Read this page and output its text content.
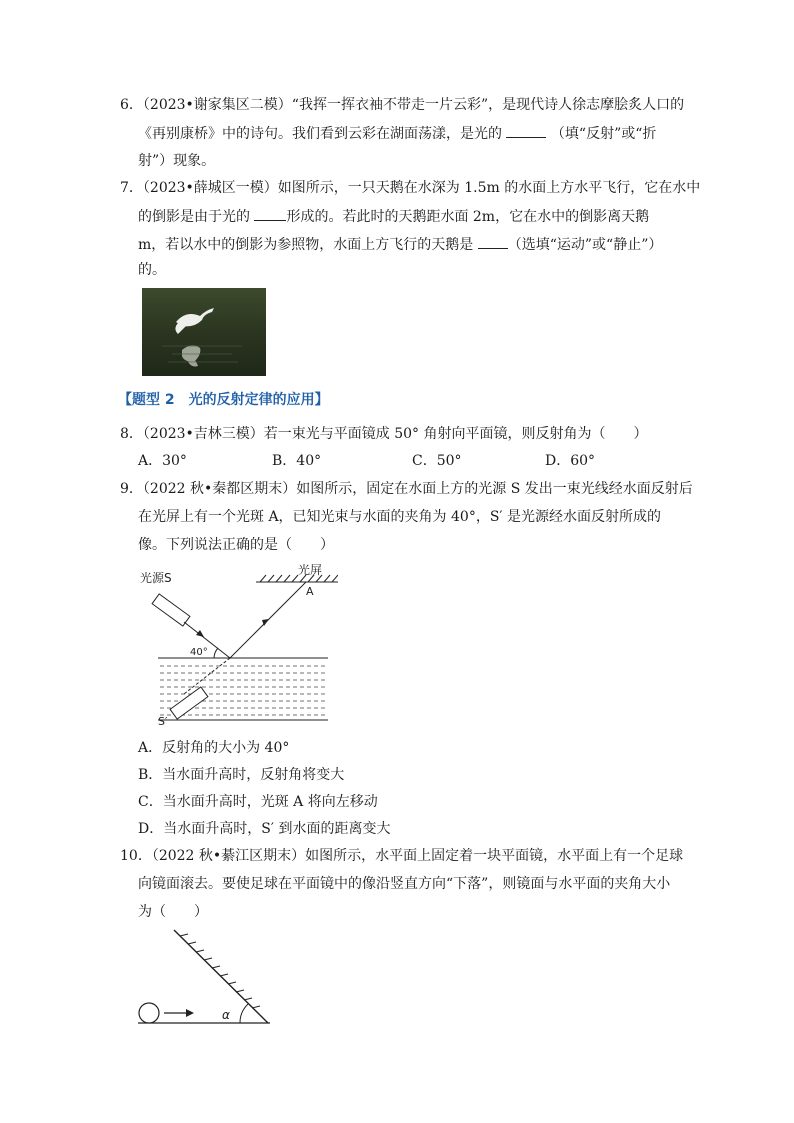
6．（2023•谢家集区二模）“我挥一挥衣袖不带走一片云彩”，是现代诗人徐志摩脍炙人口的
《再别康桥》中的诗句。我们看到云彩在湖面荡漾，是光的	（填“反射”或“折
射”）现象。
7．（2023•薛城区一模）如图所示，一只天鹅在水深为 1.5m 的水面上方水平飞行，它在水中
的倒影是由于光的	形成的。若此时的天鹅距水面 2m，它在水中的倒影离天鹅
m，若以水中的倒影为参照物，水面上方飞行的天鹅是 （选填“运动”或“静止”）
的。
【题型 2　光的反射定律的应用】
8．（2023•吉林三模）若一束光与平面镜成 50° 角射向平面镜，则反射角为（　　）
A．30°	B．40°	C．50°	D．60°
9．（2022 秋•秦都区期末）如图所示，固定在水面上方的光源 S 发出一束光线经水面反射后
在光屏上有一个光斑 A，已知光束与水面的夹角为 40°，S′ 是光源经水面反射所成的
像。下列说法正确的是（　　）
光屏
A
光源S
40°
S′
A．反射角的大小为 40°
B．当水面升高时，反射角将变大
C．当水面升高时，光斑 A 将向左移动
D．当水面升高时，S′ 到水面的距离变大
10．（2022 秋•綦江区期末）如图所示，水平面上固定着一块平面镜，水平面上有一个足球
向镜面滚去。要使足球在平面镜中的像沿竖直方向“下落”，则镜面与水平面的夹角大小
为（　　）
α
